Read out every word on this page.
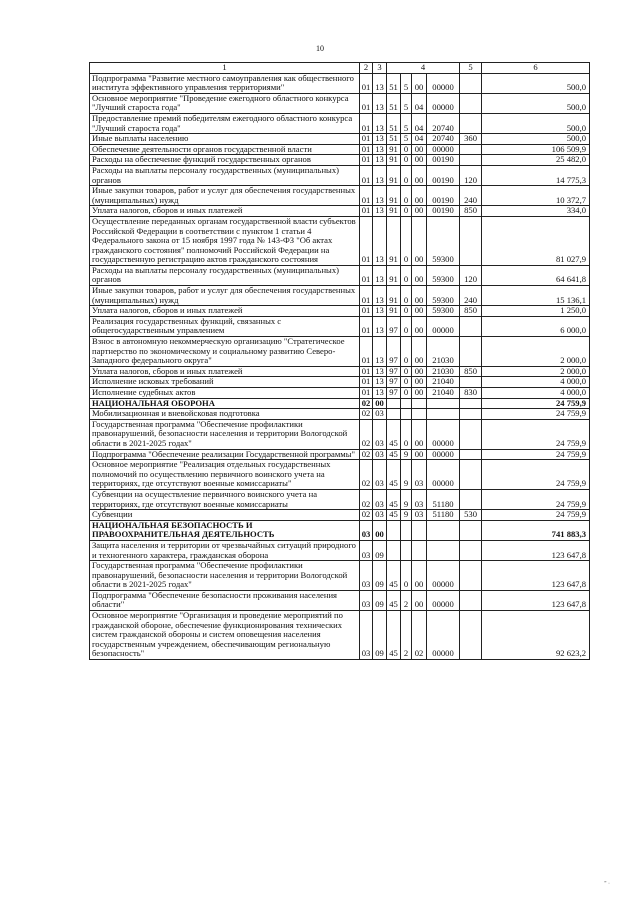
10
1	2	3	4				5	6
Подпрограмма "Развитие местного самоуправления как общественного института эффективного управления территориями"	01	13	51	5	00	00000		500,0
Основное мероприятие "Проведение ежегодного областного конкурса "Лучший староста года"	01	13	51	5	04	00000		500,0
Предоставление премий победителям ежегодного областного конкурса "Лучший староста года"	01	13	51	5	04	20740		500,0
Иные выплаты населению	01	13	51	5	04	20740	360	500,0
Обеспечение деятельности органов государственной власти	01	13	91	0	00	00000		106 509,9
Расходы на обеспечение функций государственных органов	01	13	91	0	00	00190		25 482,0
Расходы на выплаты персоналу государственных (муниципальных) органов	01	13	91	0	00	00190	120	14 775,3
Иные закупки товаров, работ и услуг для обеспечения государственных (муниципальных) нужд	01	13	91	0	00	00190	240	10 372,7
Уплата налогов, сборов и иных платежей	01	13	91	0	00	00190	850	334,0
Осуществление переданных органам государственной власти субъектов Российской Федерации в соответствии с пунктом 1 статьи 4 Федерального закона от 15 ноября 1997 года № 143-ФЗ "Об актах гражданского состояния" полномочий Российской Федерации на государственную регистрацию актов гражданского состояния	01	13	91	0	00	59300		81 027,9
Расходы на выплаты персоналу государственных (муниципальных) органов	01	13	91	0	00	59300	120	64 641,8
Иные закупки товаров, работ и услуг для обеспечения государственных (муниципальных) нужд	01	13	91	0	00	59300	240	15 136,1
Уплата налогов, сборов и иных платежей	01	13	91	0	00	59300	850	1 250,0
Реализация государственных функций, связанных с общегосударственным управлением	01	13	97	0	00	00000		6 000,0
Взнос в автономную некоммерческую организацию "Стратегическое партнерство по экономическому и социальному развитию Северо-Западного федерального округа"	01	13	97	0	00	21030		2 000,0
Уплата налогов, сборов и иных платежей	01	13	97	0	00	21030	850	2 000,0
Исполнение исковых требований	01	13	97	0	00	21040		4 000,0
Исполнение судебных актов	01	13	97	0	00	21040	830	4 000,0
НАЦИОНАЛЬНАЯ ОБОРОНА	02	00						24 759,9
Мобилизационная и вневойсковая подготовка	02	03						24 759,9
Государственная программа "Обеспечение профилактики правонарушений, безопасности населения и территории Вологодской области в 2021-2025 годах"	02	03	45	0	00	00000		24 759,9
Подпрограмма "Обеспечение реализации Государственной программы"	02	03	45	9	00	00000		24 759,9
Основное мероприятие "Реализация отдельных государственных полномочий по осуществлению первичного воинского учета на территориях, где отсутствуют военные комиссариаты"	02	03	45	9	03	00000		24 759,9
Субвенции на осуществление первичного воинского учета на территориях, где отсутствуют военные комиссариаты	02	03	45	9	03	51180		24 759,9
Субвенции	02	03	45	9	03	51180	530	24 759,9
НАЦИОНАЛЬНАЯ БЕЗОПАСНОСТЬ И ПРАВООХРАНИТЕЛЬНАЯ ДЕЯТЕЛЬНОСТЬ	03	00						741 883,3
Защита населения и территории от чрезвычайных ситуаций природного и техногенного характера, гражданская оборона	03	09						123 647,8
Государственная программа "Обеспечение профилактики правонарушений, безопасности населения и территории Вологодской области в 2021-2025 годах"	03	09	45	0	00	00000		123 647,8
Подпрограмма "Обеспечение безопасности проживания населения области"	03	09	45	2	00	00000		123 647,8
Основное мероприятие "Организация и проведение мероприятий по гражданской обороне, обеспечение функционирования технических систем гражданской обороны и систем оповещения населения государственным учреждением, обеспечивающим региональную безопасность"	03	09	45	2	02	00000		92 623,2
'' ·
